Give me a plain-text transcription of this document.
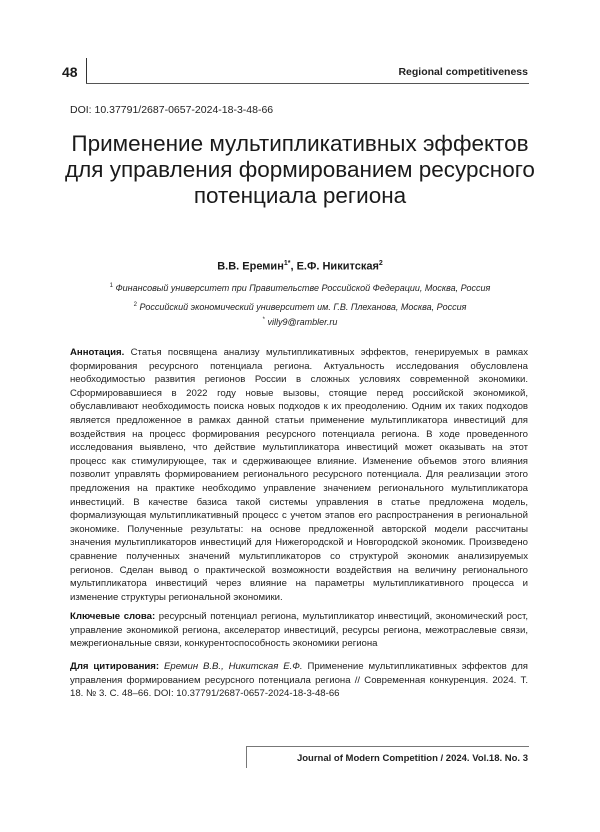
48	Regional competitiveness
DOI: 10.37791/2687-0657-2024-18-3-48-66
Применение мультипликативных эффектов для управления формированием ресурсного потенциала региона
В.В. Еремин$^{1*}$, Е.Ф. Никитская$^2$
$^1$ Финансовый университет при Правительстве Российской Федерации, Москва, Россия
$^2$ Российский экономический университет им. Г.В. Плеханова, Москва, Россия
* villy9@rambler.ru
Аннотация. Статья посвящена анализу мультипликативных эффектов, генерируемых в рамках формирования ресурсного потенциала региона. Актуальность исследования обусловлена необходимостью развития регионов России в сложных условиях современной экономики. Сформировавшиеся в 2022 году новые вызовы, стоящие перед российской экономикой, обуславливают необходимость поиска новых подходов к их преодолению. Одним их таких подходов является предложенное в рамках данной статьи применение мультипликатора инвестиций для воздействия на процесс формирования ресурсного потенциала региона. В ходе проведенного исследования выявлено, что действие мультипликатора инвестиций может оказывать на этот процесс как стимулирующее, так и сдерживающее влияние. Изменение объемов этого влияния позволит управлять формированием регионального ресурсного потенциала. Для реализации этого предложения на практике необходимо управление значением регионального мультипликатора инвестиций. В качестве базиса такой системы управления в статье предложена модель, формализующая мультипликативный процесс с учетом этапов его распространения в региональной экономике. Полученные результаты: на основе предложенной авторской модели рассчитаны значения мультипликаторов инвестиций для Нижегородской и Новгородской экономик. Произведено сравнение полученных значений мультипликаторов со структурой экономик анализируемых регионов. Сделан вывод о практической возможности воздействия на величину регионального мультипликатора инвестиций через влияние на параметры мультипликативного процесса и изменение структуры региональной экономики.
Ключевые слова: ресурсный потенциал региона, мультипликатор инвестиций, экономический рост, управление экономикой региона, акселератор инвестиций, ресурсы региона, межотраслевые связи, межрегиональные связи, конкурентоспособность экономики региона
Для цитирования: Еремин В.В., Никитская Е.Ф. Применение мультипликативных эффектов для управления формированием ресурсного потенциала региона // Современная конкуренция. 2024. Т. 18. № 3. С. 48–66. DOI: 10.37791/2687-0657-2024-18-3-48-66
Journal of Modern Competition / 2024. Vol.18. No. 3
